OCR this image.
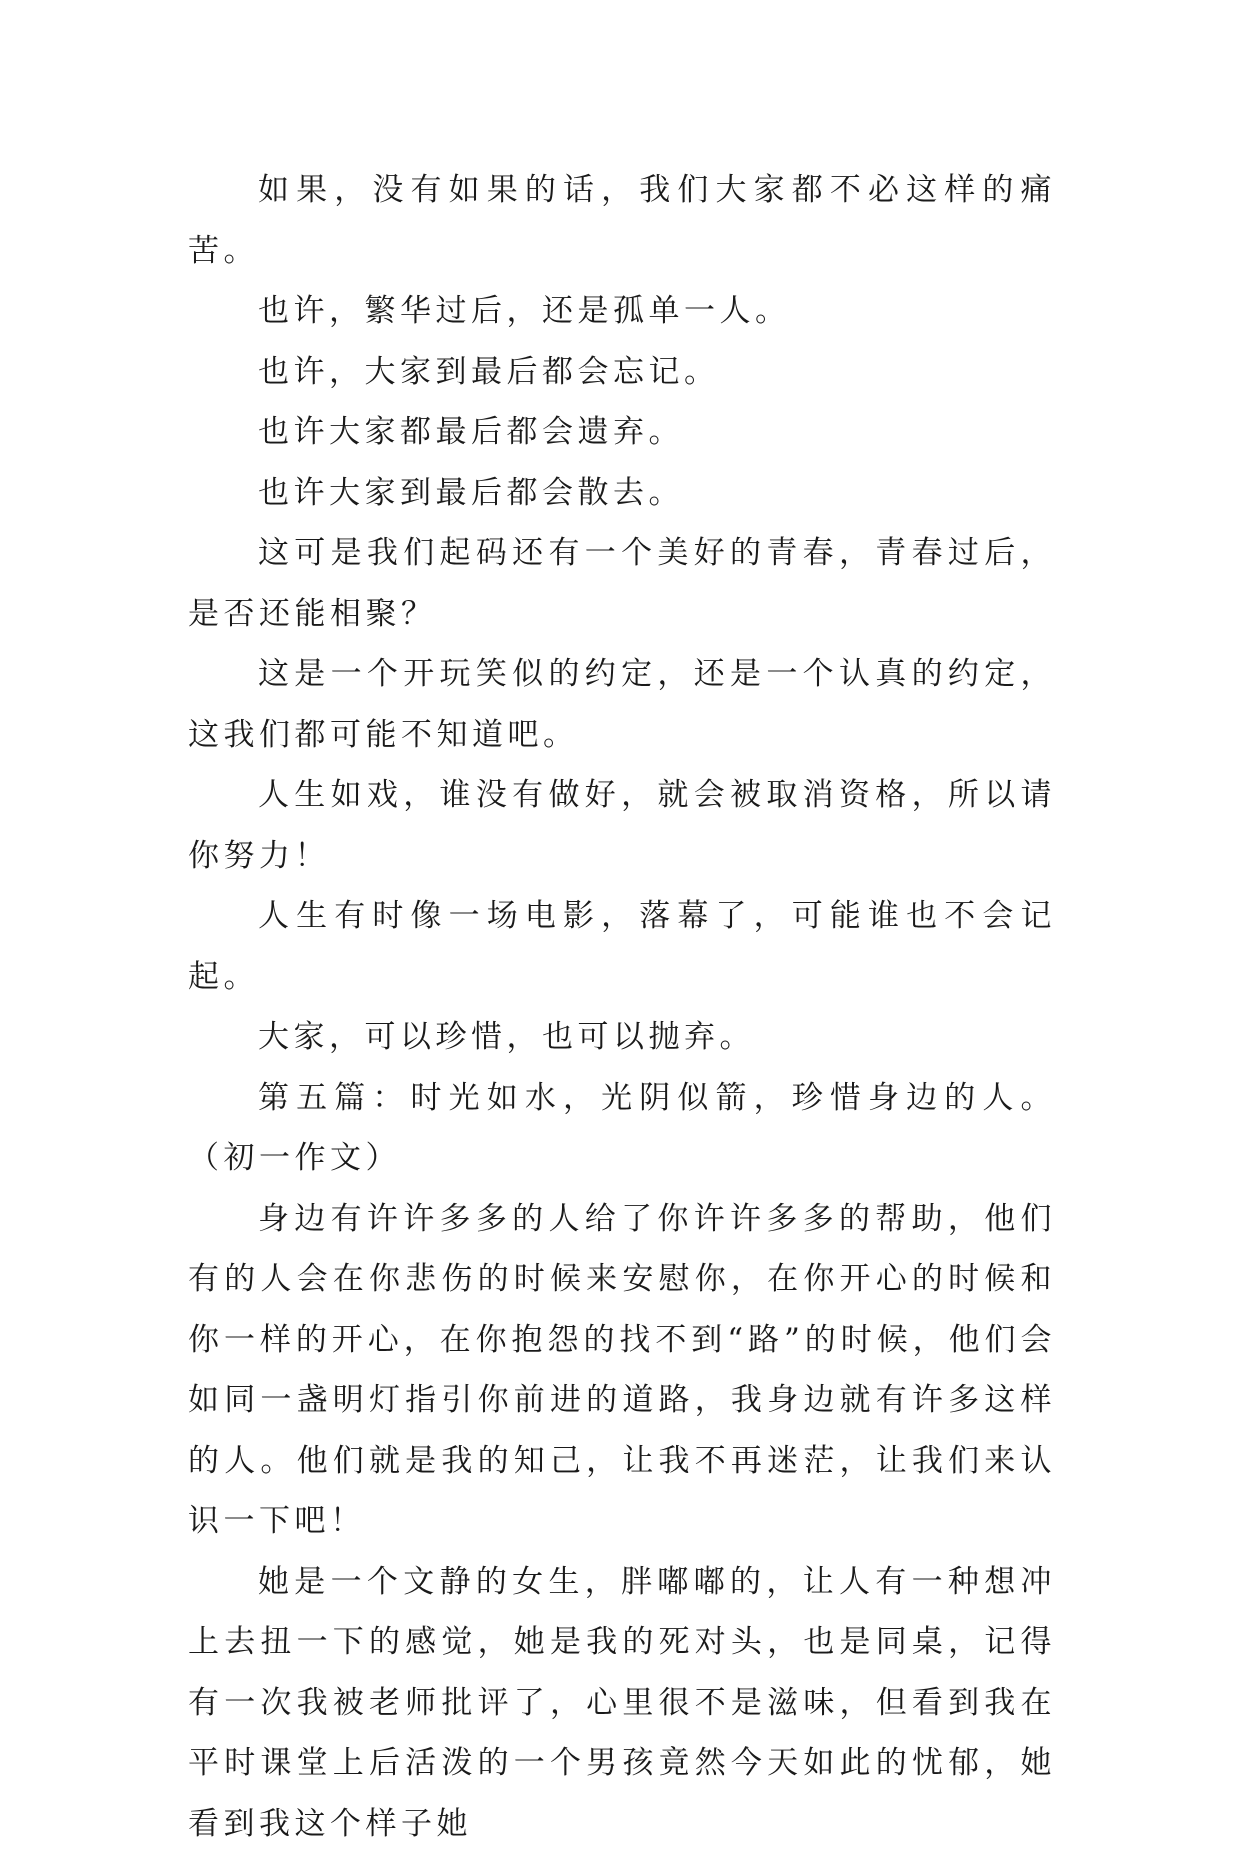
如果，没有如果的话，我们大家都不必这样的痛苦。

也许，繁华过后，还是孤单一人。

也许，大家到最后都会忘记。

也许大家都最后都会遗弃。

也许大家到最后都会散去。

这可是我们起码还有一个美好的青春，青春过后，是否还能相聚？

这是一个开玩笑似的约定，还是一个认真的约定，这我们都可能不知道吧。

人生如戏，谁没有做好，就会被取消资格，所以请你努力！

人生有时像一场电影，落幕了，可能谁也不会记起。

大家，可以珍惜，也可以抛弃。

第五篇：时光如水，光阴似箭，珍惜身边的人。（初一作文）

身边有许许多多的人给了你许许多多的帮助，他们有的人会在你悲伤的时候来安慰你，在你开心的时候和你一样的开心，在你抱怨的找不到“路”的时候，他们会如同一盏明灯指引你前进的道路，我身边就有许多这样的人。他们就是我的知己，让我不再迷茫，让我们来认识一下吧！

她是一个文静的女生，胖嘟嘟的，让人有一种想冲上去扭一下的感觉，她是我的死对头，也是同桌，记得有一次我被老师批评了，心里很不是滋味，但看到我在平时课堂上后活泼的一个男孩竟然今天如此的忧郁，她看到我这个样子她
